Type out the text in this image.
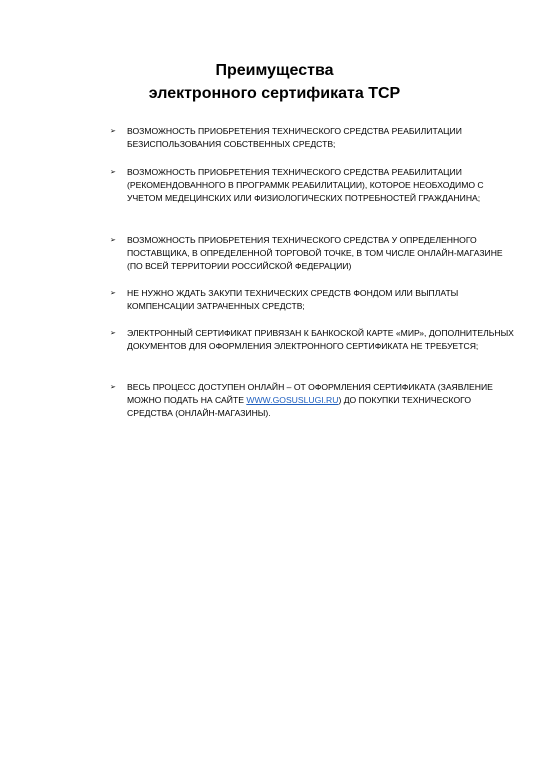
Преимущества
электронного сертификата ТСР
➢	ВОЗМОЖНОСТЬ ПРИОБРЕТЕНИЯ ТЕХНИЧЕСКОГО СРЕДСТВА РЕАБИЛИТАЦИИ БЕЗИСПОЛЬЗОВАНИЯ СОБСТВЕННЫХ СРЕДСТВ;
➢	ВОЗМОЖНОСТЬ ПРИОБРЕТЕНИЯ ТЕХНИЧЕСКОГО СРЕДСТВА РЕАБИЛИТАЦИИ (РЕКОМЕНДОВАННОГО В ПРОГРАММК РЕАБИЛИТАЦИИ), КОТОРОЕ НЕОБХОДИМО С УЧЕТОМ МЕДЕЦИНСКИХ ИЛИ ФИЗИОЛОГИЧЕСКИХ ПОТРЕБНОСТЕЙ ГРАЖДАНИНА;
➢	ВОЗМОЖНОСТЬ ПРИОБРЕТЕНИЯ ТЕХНИЧЕСКОГО СРЕДСТВА У ОПРЕДЕЛЕННОГО ПОСТАВЩИКА, В ОПРЕДЕЛЕННОЙ ТОРГОВОЙ ТОЧКЕ, В ТОМ ЧИСЛЕ ОНЛАЙН-МАГАЗИНЕ (ПО ВСЕЙ ТЕРРИТОРИИ РОССИЙСКОЙ ФЕДЕРАЦИИ)
➢	НЕ НУЖНО ЖДАТЬ ЗАКУПИ ТЕХНИЧЕСКИХ СРЕДСТВ ФОНДОМ ИЛИ ВЫПЛАТЫ КОМПЕНСАЦИИ ЗАТРАЧЕННЫХ СРЕДСТВ;
➢	ЭЛЕКТРОННЫЙ СЕРТИФИКАТ ПРИВЯЗАН К БАНКОСКОЙ КАРТЕ «МИР», ДОПОЛНИТЕЛЬНЫХ ДОКУМЕНТОВ ДЛЯ ОФОРМЛЕНИЯ ЭЛЕКТРОННОГО СЕРТИФИКАТА НЕ ТРЕБУЕТСЯ;
➢	ВЕСЬ ПРОЦЕСС ДОСТУПЕН ОНЛАЙН – ОТ ОФОРМЛЕНИЯ СЕРТИФИКАТА (ЗАЯВЛЕНИЕ МОЖНО ПОДАТЬ НА САЙТЕ WWW.GOSUSLUGI.RU) ДО ПОКУПКИ ТЕХНИЧЕСКОГО СРЕДСТВА (ОНЛАЙН-МАГАЗИНЫ).
